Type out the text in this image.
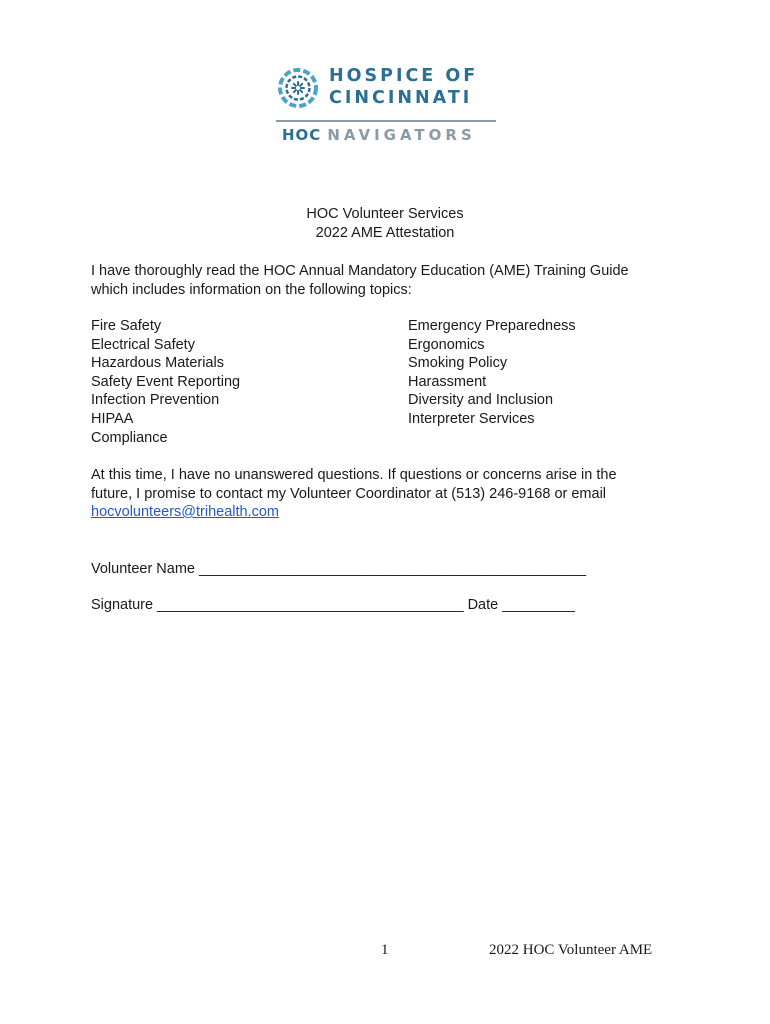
HOSPICE OF
CINCINNATI
HOC NAVIGATORS
HOC Volunteer Services
2022 AME Attestation
I have thoroughly read the HOC Annual Mandatory Education (AME) Training Guide
which includes information on the following topics:
Fire Safety
Electrical Safety
Hazardous Materials
Safety Event Reporting
Infection Prevention
HIPAA
Compliance
Emergency Preparedness
Ergonomics
Smoking Policy
Harassment
Diversity and Inclusion
Interpreter Services
At this time, I have no unanswered questions. If questions or concerns arise in the
future, I promise to contact my Volunteer Coordinator at (513) 246-9168 or email
hocvolunteers@trihealth.com
Volunteer Name ________________________________________________
Signature ______________________________________ Date _________
1	2022 HOC Volunteer AME
